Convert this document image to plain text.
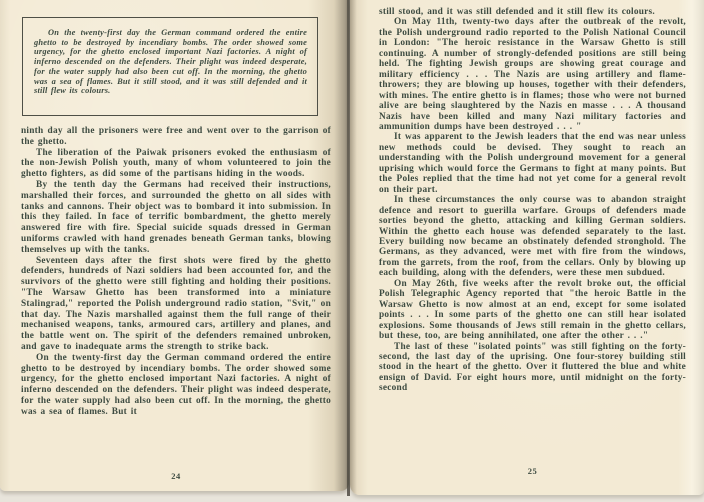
On the twenty-first day the German command ordered the entire ghetto to be destroyed by incendiary bombs. The order showed some urgency, for the ghetto enclosed important Nazi factories. A night of inferno descended on the defenders. Their plight was indeed desperate, for the water supply had also been cut off. In the morning, the ghetto was a sea of flames. But it still stood, and it was still defended and it still flew its colours.

ninth day all the prisoners were free and went over to the garrison of the ghetto.

The liberation of the Paiwak prisoners evoked the enthusiasm of the non-Jewish Polish youth, many of whom volunteered to join the ghetto fighters, as did some of the partisans hiding in the woods.

By the tenth day the Germans had received their instructions, marshalled their forces, and surrounded the ghetto on all sides with tanks and cannons. Their object was to bombard it into submission. In this they failed. In face of terrific bombardment, the ghetto merely answered fire with fire. Special suicide squads dressed in German uniforms crawled with hand grenades beneath German tanks, blowing themselves up with the tanks.

Seventeen days after the first shots were fired by the ghetto defenders, hundreds of Nazi soldiers had been accounted for, and the survivors of the ghetto were still fighting and holding their positions. "The Warsaw Ghetto has been transformed into a miniature Stalingrad," reported the Polish underground radio station, "Svit," on that day. The Nazis marshalled against them the full range of their mechanised weapons, tanks, armoured cars, artillery and planes, and the battle went on. The spirit of the defenders remained unbroken, and gave to inadequate arms the strength to strike back.

On the twenty-first day the German command ordered the entire ghetto to be destroyed by incendiary bombs. The order showed some urgency, for the ghetto enclosed important Nazi factories. A night of inferno descended on the defenders. Their plight was indeed desperate, for the water supply had also been cut off. In the morning, the ghetto was a sea of flames. But it

24

still stood, and it was still defended and it still flew its colours.

On May 11th, twenty-two days after the outbreak of the revolt, the Polish underground radio reported to the Polish National Council in London: "The heroic resistance in the Warsaw Ghetto is still continuing. A number of strongly-defended positions are still being held. The fighting Jewish groups are showing great courage and military efficiency . . . The Nazis are using artillery and flame-throwers; they are blowing up houses, together with their defenders, with mines. The entire ghetto is in flames; those who were not burned alive are being slaughtered by the Nazis en masse . . . A thousand Nazis have been killed and many Nazi military factories and ammunition dumps have been destroyed . . . "

It was apparent to the Jewish leaders that the end was near unless new methods could be devised. They sought to reach an understanding with the Polish underground movement for a general uprising which would force the Germans to fight at many points. But the Poles replied that the time had not yet come for a general revolt on their part.

In these circumstances the only course was to abandon straight defence and resort to guerilla warfare. Groups of defenders made sorties beyond the ghetto, attacking and killing German soldiers. Within the ghetto each house was defended separately to the last. Every building now became an obstinately defended stronghold. The Germans, as they advanced, were met with fire from the windows, from the garrets, from the roof, from the cellars. Only by blowing up each building, along with the defenders, were these men subdued.

On May 26th, five weeks after the revolt broke out, the official Polish Telegraphic Agency reported that "the heroic Battle in the Warsaw Ghetto is now almost at an end, except for some isolated points . . . In some parts of the ghetto one can still hear isolated explosions. Some thousands of Jews still remain in the ghetto cellars, but these, too, are being annihilated, one after the other . . ."

The last of these "isolated points" was still fighting on the forty-second, the last day of the uprising. One four-storey building still stood in the heart of the ghetto. Over it fluttered the blue and white ensign of David. For eight hours more, until midnight on the forty-second

25
